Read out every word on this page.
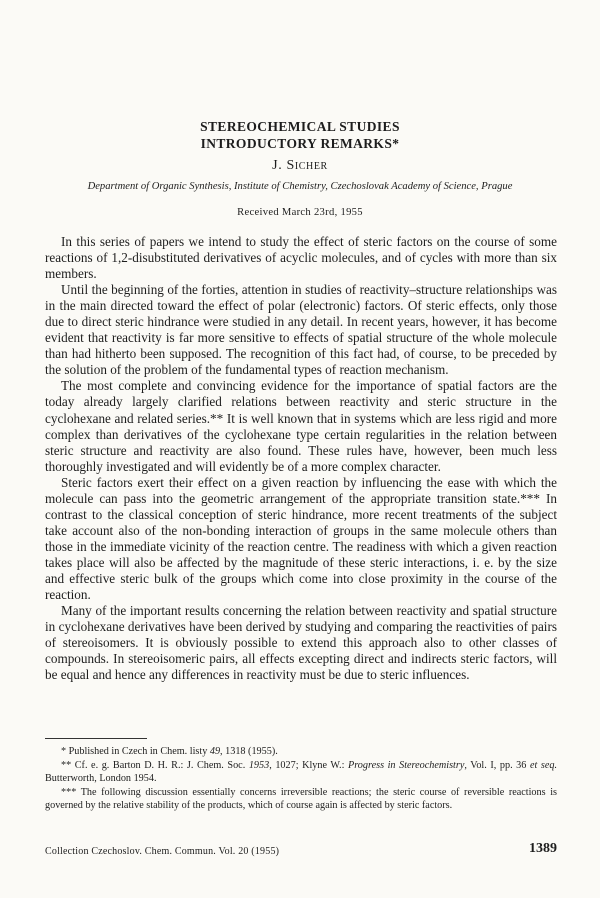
STEREOCHEMICAL STUDIES
INTRODUCTORY REMARKS*
J. Sicher
Department of Organic Synthesis, Institute of Chemistry, Czechoslovak Academy of Science, Prague
Received March 23rd, 1955

In this series of papers we intend to study the effect of steric factors on the course of some reactions of 1,2-disubstituted derivatives of acyclic molecules, and of cycles with more than six members.

Until the beginning of the forties, attention in studies of reactivity–structure relationships was in the main directed toward the effect of polar (electronic) factors. Of steric effects, only those due to direct steric hindrance were studied in any detail. In recent years, however, it has become evident that reactivity is far more sensitive to effects of spatial structure of the whole molecule than had hitherto been supposed. The recognition of this fact had, of course, to be preceded by the solution of the problem of the fundamental types of reaction mechanism.

The most complete and convincing evidence for the importance of spatial factors are the today already largely clarified relations between reactivity and steric structure in the cyclohexane and related series.** It is well known that in systems which are less rigid and more complex than derivatives of the cyclohexane type certain regularities in the relation between steric structure and reactivity are also found. These rules have, however, been much less thoroughly investigated and will evidently be of a more complex character.

Steric factors exert their effect on a given reaction by influencing the ease with which the molecule can pass into the geometric arrangement of the appropriate transition state.*** In contrast to the classical conception of steric hindrance, more recent treatments of the subject take account also of the non-bonding interaction of groups in the same molecule others than those in the immediate vicinity of the reaction centre. The readiness with which a given reaction takes place will also be affected by the magnitude of these steric interactions, i. e. by the size and effective steric bulk of the groups which come into close proximity in the course of the reaction.

Many of the important results concerning the relation between reactivity and spatial structure in cyclohexane derivatives have been derived by studying and comparing the reactivities of pairs of stereoisomers. It is obviously possible to extend this approach also to other classes of compounds. In stereoisomeric pairs, all effects excepting direct and indirects steric factors, will be equal and hence any differences in reactivity must be due to steric influences.

* Published in Czech in Chem. listy 49, 1318 (1955).

** Cf. e. g. Barton D. H. R.: J. Chem. Soc. 1953, 1027; Klyne W.: Progress in Stereochemistry, Vol. I, pp. 36 et seq. Butterworth, London 1954.

*** The following discussion essentially concerns irreversible reactions; the steric course of reversible reactions is governed by the relative stability of the products, which of course again is affected by steric factors.

Collection Czechoslov. Chem. Commun. Vol. 20 (1955)	1389
